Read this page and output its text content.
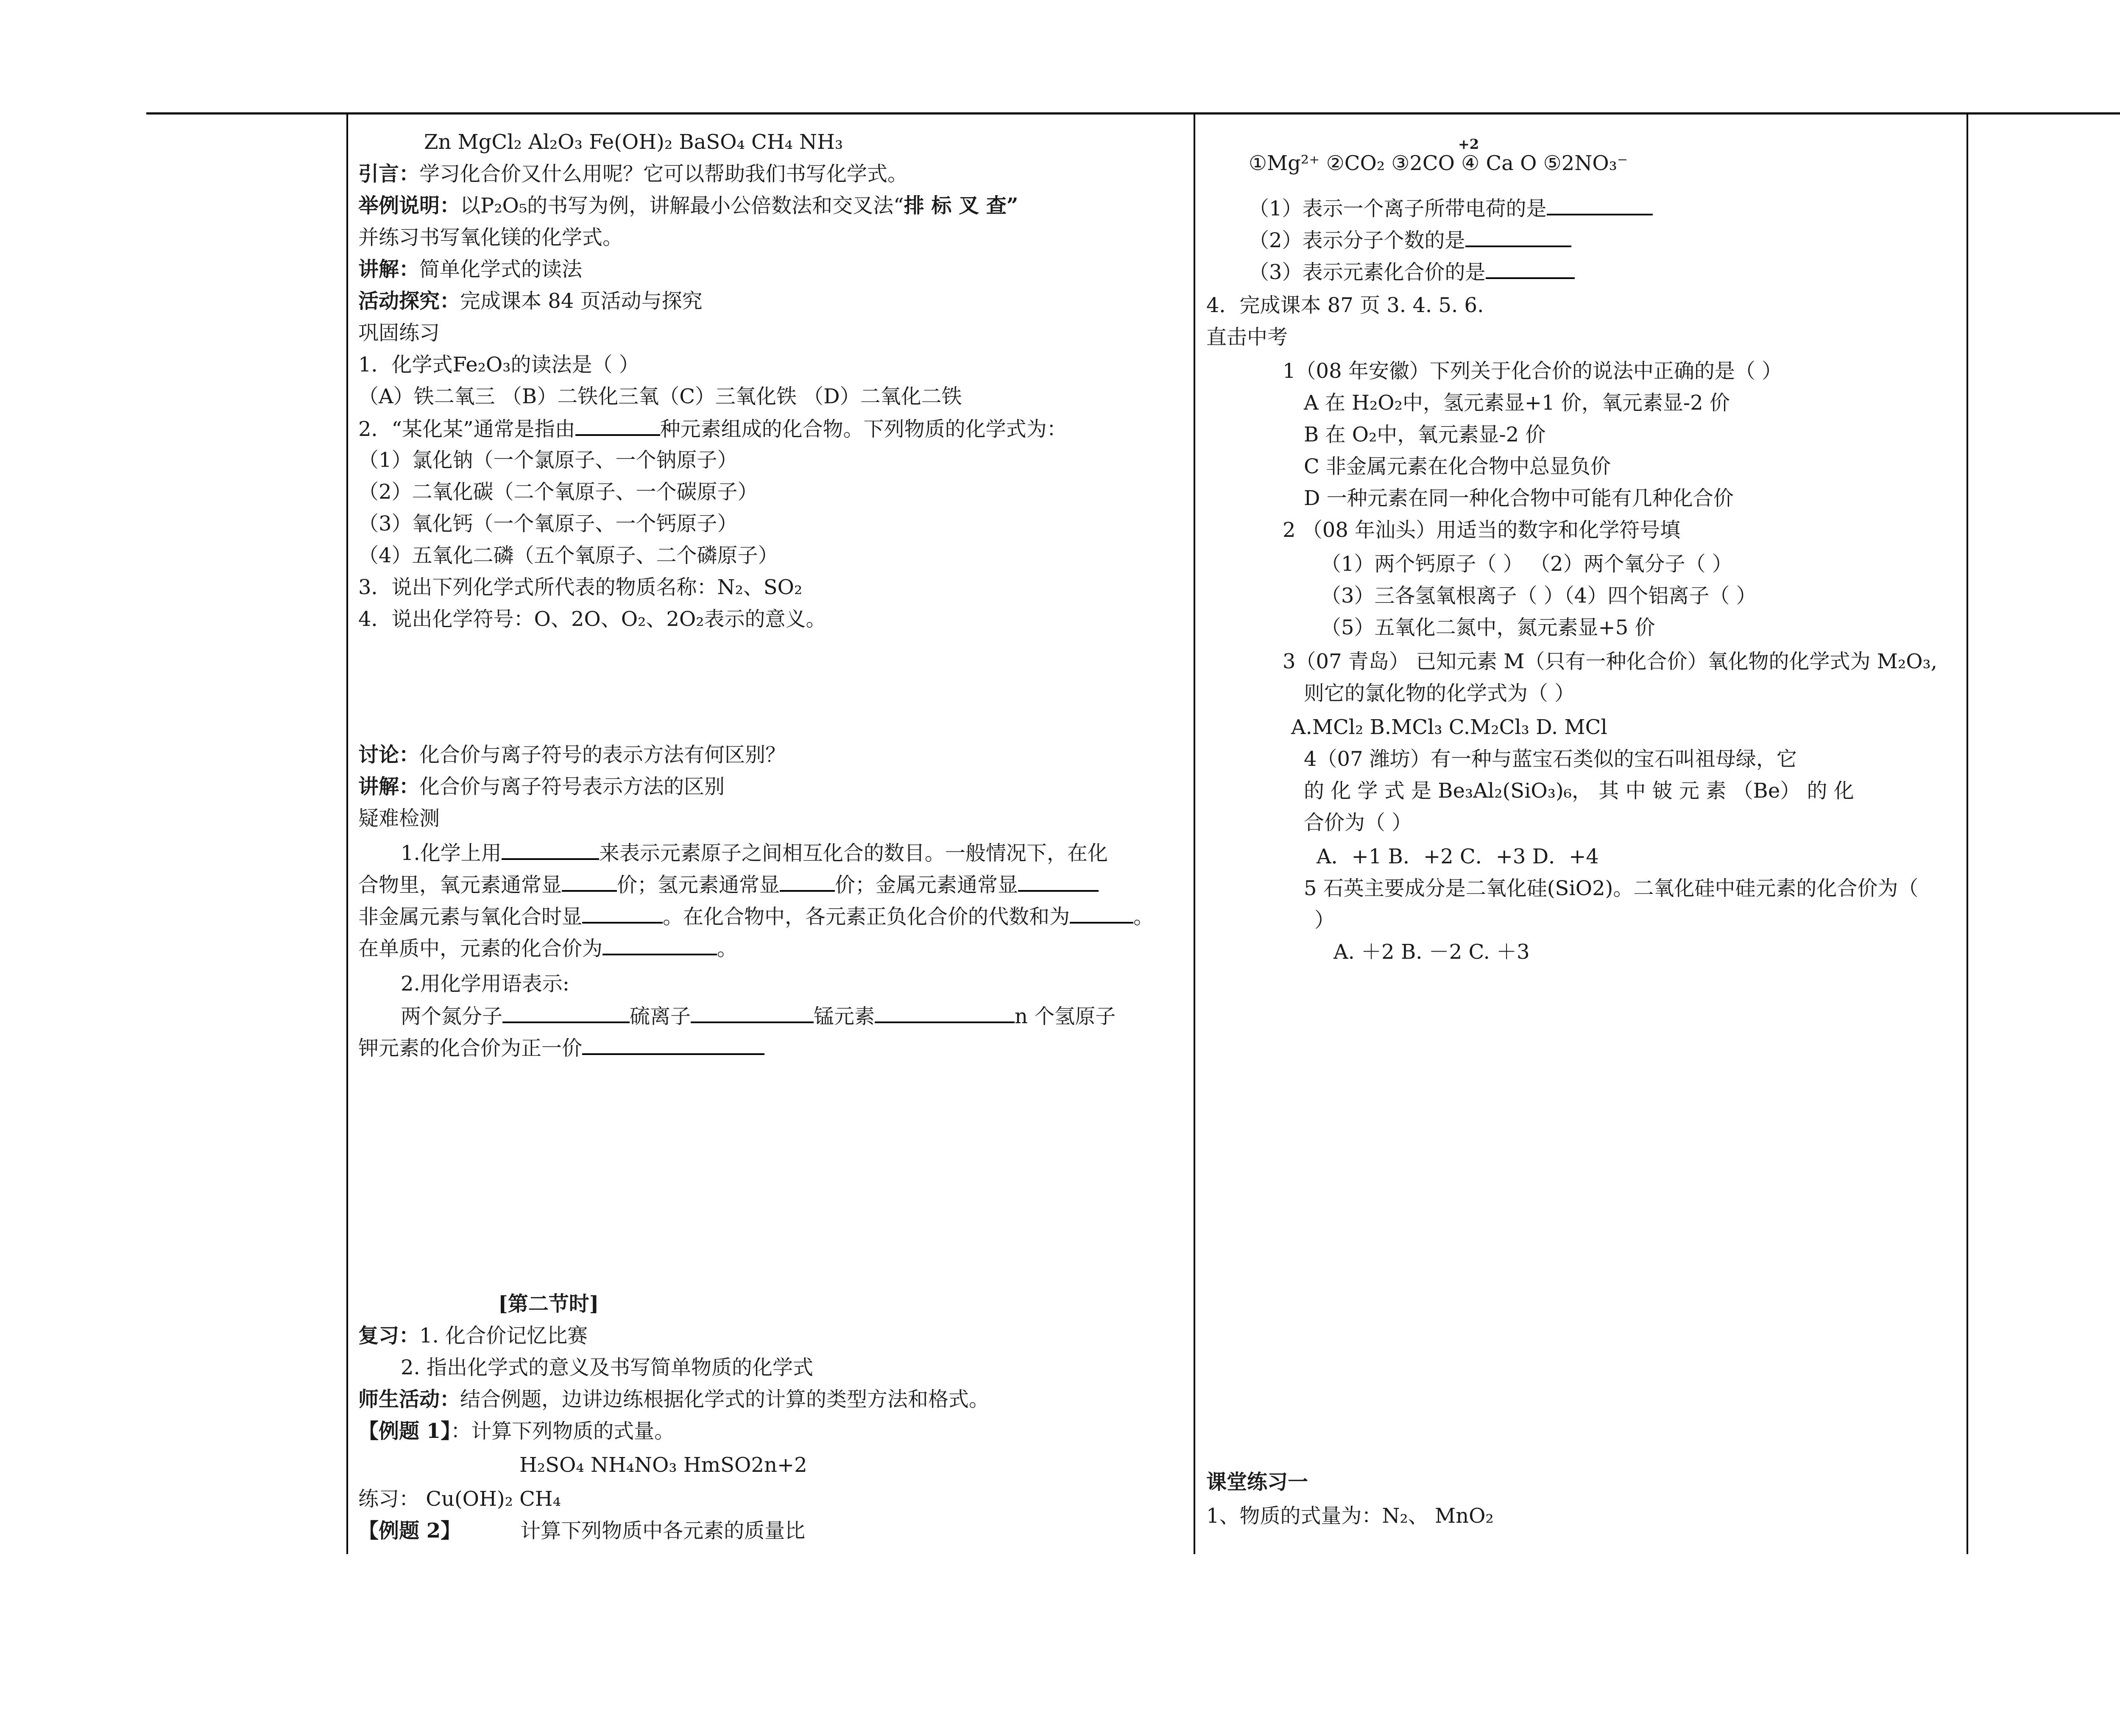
Zn MgCl₂ Al₂O₃ Fe(OH)₂ BaSO₄ CH₄ NH₃
引言：学习化合价又什么用呢？它可以帮助我们书写化学式。
举例说明：以P₂O₅的书写为例，讲解最小公倍数法和交叉法“排 标 叉 查”
并练习书写氧化镁的化学式。
讲解：简单化学式的读法
活动探究：完成课本 84 页活动与探究
巩固练习
1．化学式Fe₂O₃的读法是（ ）
（A）铁二氧三 （B）二铁化三氧（C）三氧化铁 （D）二氧化二铁
2．“某化某”通常是指由	种元素组成的化合物。下列物质的化学式为：
（1）氯化钠（一个氯原子、一个钠原子）
（2）二氧化碳（二个氧原子、一个碳原子）
（3）氧化钙（一个氧原子、一个钙原子）
（4）五氧化二磷（五个氧原子、二个磷原子）
3．说出下列化学式所代表的物质名称：N₂、SO₂
4．说出化学符号：O、2O、O₂、2O₂表示的意义。
讨论：化合价与离子符号的表示方法有何区别？
讲解：化合价与离子符号表示方法的区别
疑难检测
1.化学上用	来表示元素原子之间相互化合的数目。一般情况下，在化
合物里，氧元素通常显	价；氢元素通常显	价；金属元素通常显
非金属元素与氧化合时显	。在化合物中，各元素正负化合价的代数和为	。
在单质中，元素的化合价为	。
2.用化学用语表示:
两个氮分子	硫离子	锰元素	n 个氢原子
钾元素的化合价为正一价
[第二节时]
复习：1. 化合价记忆比赛
2. 指出化学式的意义及书写简单物质的化学式
师生活动：结合例题，边讲边练根据化学式的计算的类型方法和格式。
【例题 1】：计算下列物质的式量。
H₂SO₄ NH₄NO₃ HmSO2n+2
练习： Cu(OH)₂ CH₄
【例题 2】	计算下列物质中各元素的质量比
①Mg²⁺ ②CO₂ ③2CO ④ Ca O ⑤2NO₃⁻
+2
（1）表示一个离子所带电荷的是
（2）表示分子个数的是
（3）表示元素化合价的是
4．完成课本 87 页 3. 4. 5. 6.
直击中考
1（08 年安徽）下列关于化合价的说法中正确的是（ ）
A 在 H₂O₂中，氢元素显+1 价，氧元素显-2 价
B 在 O₂中，氧元素显-2 价
C 非金属元素在化合物中总显负价
D 一种元素在同一种化合物中可能有几种化合价
2 （08 年汕头）用适当的数字和化学符号填
（1）两个钙原子（ ） （2）两个氧分子（ ）
（3）三各氢氧根离子（ ）（4）四个铝离子（ ）
（5）五氧化二氮中，氮元素显+5 价
3（07 青岛） 已知元素 M（只有一种化合价）氧化物的化学式为 M₂O₃,
则它的氯化物的化学式为（ ）
A.MCl₂ B.MCl₃ C.M₂Cl₃ D. MCl
4（07 潍坊）有一种与蓝宝石类似的宝石叫祖母绿，它
的 化 学 式 是 Be₃Al₂(SiO₃)₆， 其 中 铍 元 素 （Be） 的 化
合价为（ ）
A．+1 B．+2 C．+3 D．+4
5 石英主要成分是二氧化硅(SiO2)。二氧化硅中硅元素的化合价为（
）
A. ＋2 B. －2 C. ＋3
课堂练习一
1、物质的式量为：N₂、 MnO₂
